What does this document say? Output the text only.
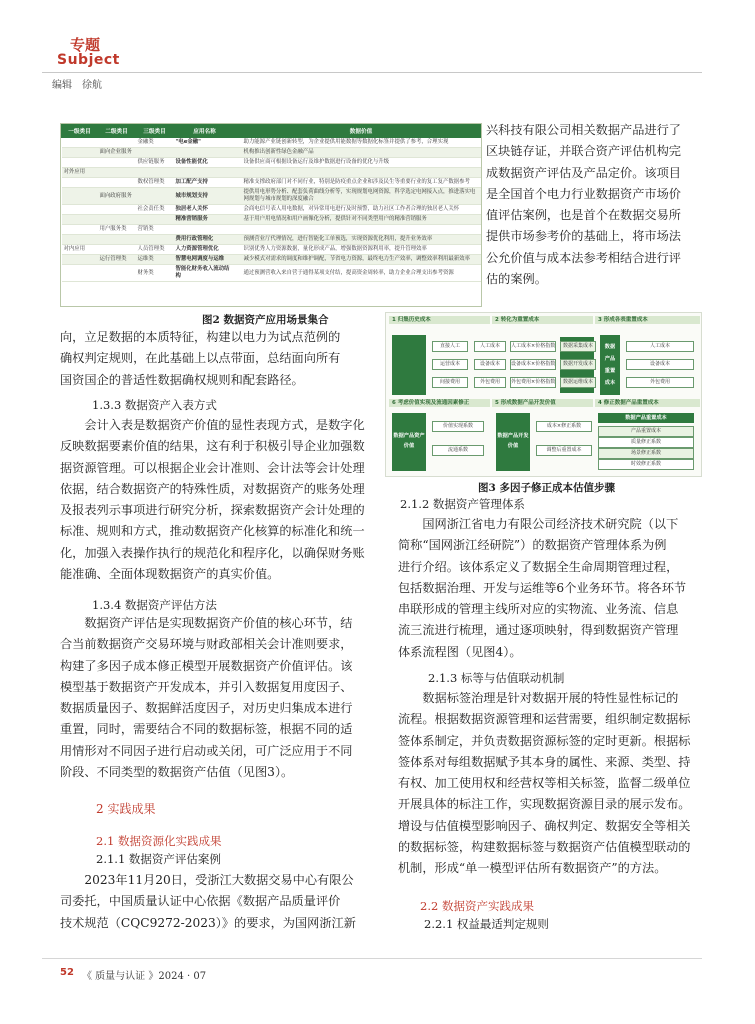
专题
Subject
编辑　徐航
一级类目	二级类目	三级类目	应用名称		数据价值
		金融类	"电e金融"		助力能源产业链创新转型，为企业提供用能数据等数据化标签并提供了参考，合理实现
	面向企业服务				机构推出创新性绿色金融产品
		供应链服务	设备性能优化		设备供应商可根据设备运行及维护数据进行设备的优化与升级
对外应用					
		数权管理类	加工配产支持		精准支撑政府部门对不同行业，特别是防疫重点企业和涉及民生等重要行业的复工复产数据参考
	面向政府服务		城市规划支持		提供用电形势分析、配套负荷曲线分析等，实现规划电网资源，科学选定电网接入点，推进落实电网规划与城市规划的深度融合
		社会责任类	独居老人关怀		会商电信号表人用电数据，对异常用电进行及时预警，助力社区工作者合理的独居老人关怀
			精准营销服务		基于用户用电情况和用户画像化分析，提供针对不同类型用户的精准营销服务
	用户服务类	营销类			
			费用行政管理化		预测营业厅代理情况，进行智能化工单预选，实现资源优化利用，提升业务效率
对内应用		人员管理类	人力资源管理优化		识别优秀人力资源数据，量化形成产品，增强数据资源利用率，提升管理效率
	运行管理类	运维类	智慧电网调度与运维		减少模式对需求的调度和维护调配，节省电力资源，最终电力生产效率，调整效率利用最新效率
		财务类	智能化财务收入流动结构		通过预测营收入来自营于通得某项支付结，提高资金周转率，助力企业合理支出参考资源
图2 数据资产应用场景集合	1 归集历史成本	2 转化为重置成本	3 形成各表重置成本
直接人工
运营成本
间接费用
人工成本
设备成本
外包费用
人工成本×价格指数
设备成本×价格指数
外包费用×价格指数
数据采集成本
数据开发成本
数据运维成本
数据
产品
重置
成本
人工成本
设备成本
外包费用
6 考虑价值实现及流通因素修正	5 形成数据产品开发价值	4 修正数据产品重置成本
数据产品资产价值
价值实现系数
流通系数
数据产品开发价值
成本×修正系数
调整后重置成本
数据产品重置成本
产品重置成本
质量修正系数
场景修正系数
时效修正系数
图3 多因子修正成本估值步骤
兴科技有限公司相关数据产品进行了
区块链存证，并联合资产评估机构完
成数据资产评估及产品定价。该项目
是全国首个电力行业数据资产市场价
值评估案例，也是首个在数据交易所
提供市场参考价的基础上，将市场法
公允价值与成本法参考相结合进行评
估的案例。
向，立足数据的本质特征，构建以电力为试点范例的
确权判定规则，在此基础上以点带面，总结面向所有
国资国企的普适性数据确权规则和配套路径。
1.3.3 数据资产入表方式
　　会计入表是数据资产价值的显性表现方式，是数字化
反映数据要素价值的结果，这有利于积极引导企业加强数
据资源管理。可以根据企业会计准则、会计法等会计处理
依据，结合数据资产的特殊性质，对数据资产的账务处理
及报表列示事项进行研究分析，探索数据资产会计处理的
标准、规则和方式，推动数据资产化核算的标准化和统一
化，加强入表操作执行的规范化和程序化，以确保财务账
能准确、全面体现数据资产的真实价值。
1.3.4 数据资产评估方法
　　数据资产评估是实现数据资产价值的核心环节，结
合当前数据资产交易环境与财政部相关会计准则要求，
构建了多因子成本修正模型开展数据资产价值评估。该
模型基于数据资产开发成本，并引入数据复用度因子、
数据质量因子、数据鲜活度因子，对历史归集成本进行
重置，同时，需要结合不同的数据标签，根据不同的适
用情形对不同因子进行启动或关闭，可广泛应用于不同
阶段、不同类型的数据资产估值（见图3）。
2 实践成果
2.1 数据资源化实践成果
2.1.1 数据资产评估案例
　　2023年11月20日，受浙江大数据交易中心有限公
司委托，中国质量认证中心依据《数据产品质量评价
技术规范（CQC9272-2023）》的要求，为国网浙江新
2.1.2 数据资产管理体系
　　国网浙江省电力有限公司经济技术研究院（以下
简称“国网浙江经研院”）的数据资产管理体系为例
进行介绍。该体系定义了数据全生命周期管理过程，
包括数据治理、开发与运维等6个业务环节。将各环节
串联形成的管理主线所对应的实物流、业务流、信息
流三流进行梳理，通过逐项映射，得到数据资产管理
体系流程图（见图4）。
2.1.3 标等与估值联动机制
　　数据标签治理是针对数据开展的特性显性标记的
流程。根据数据资源管理和运营需要，组织制定数据标
签体系制定，并负责数据资源标签的定时更新。根据标
签体系对每组数据赋予其本身的属性、来源、类型、持
有权、加工使用权和经营权等相关标签，监督二级单位
开展具体的标注工作，实现数据资源目录的展示发布。
增设与估值模型影响因子、确权判定、数据安全等相关
的数据标签，构建数据标签与数据资产估值模型联动的
机制，形成“单一模型评估所有数据资产”的方法。
2.2 数据资产实践成果
2.2.1 权益最适判定规则
52 《 质量与认证 》2024 · 07
